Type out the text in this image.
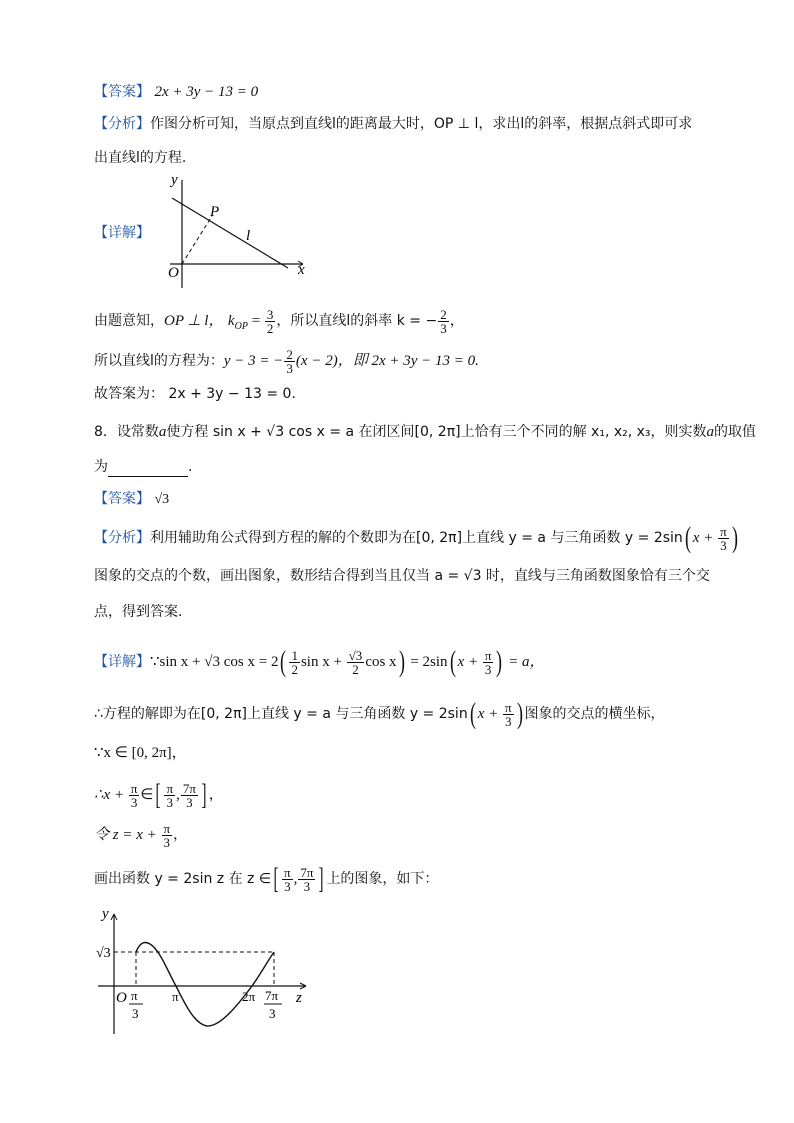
【答案】 2x + 3y − 13 = 0
【分析】作图分析可知，当原点到直线l的距离最大时，OP ⊥ l，求出l的斜率，根据点斜式即可求
出直线l的方程.
【详解】
y
x
O
P
l
由题意知，OP ⊥ l， $k_{OP} = \frac{3}{2}$ ，所以直线l的斜率 k = − $\frac{2}{3}$ ，
所以直线l的方程为：y − 3 = − $\frac{2}{3} (x - 2)$，即 2x + 3y − 13 = 0.
故答案为： 2x + 3y − 13 = 0.
8．设常数a使方程 sin x + √3 cos x = a 在闭区间[0, 2π]上恰有三个不同的解 x₁, x₂, x₃，则实数a的取值
为	.
【答案】 √3
【分析】利用辅助角公式得到方程的解的个数即为在[0, 2π]上直线 y = a 与三角函数 y = 2sin( $x + \frac{\pi}{3}$ )
图象的交点的个数，画出图象，数形结合得到当且仅当 a = √3 时，直线与三角函数图象恰有三个交
点，得到答案.
【详解】∵sin x + √3 $\cos x = 2( \frac{1}{2}$ $\sin x + \frac{√3}{2}$ cos x) = 2sin( $x + \frac{\pi}{3}$ ) = a，
∴方程的解即为在[0, 2π]上直线 y = a 与三角函数 y = 2sin( $x + \frac{\pi}{3}$ ) 图象的交点的横坐标，
∵x ∈ [0, 2π]，
∴x + $\frac{\pi}{3}$ ∈[ $\frac{\pi}{3}$ , $\frac{7\pi}{3}$ ] ，
令 $z = x + \frac{\pi}{3}$ ，
画出函数 y = 2sin z 在 z ∈[ $\frac{\pi}{3}$ , $\frac{7\pi}{3}$ ] 上的图象，如下：
y
z
√3
O π
3
π	2π 7π
3
